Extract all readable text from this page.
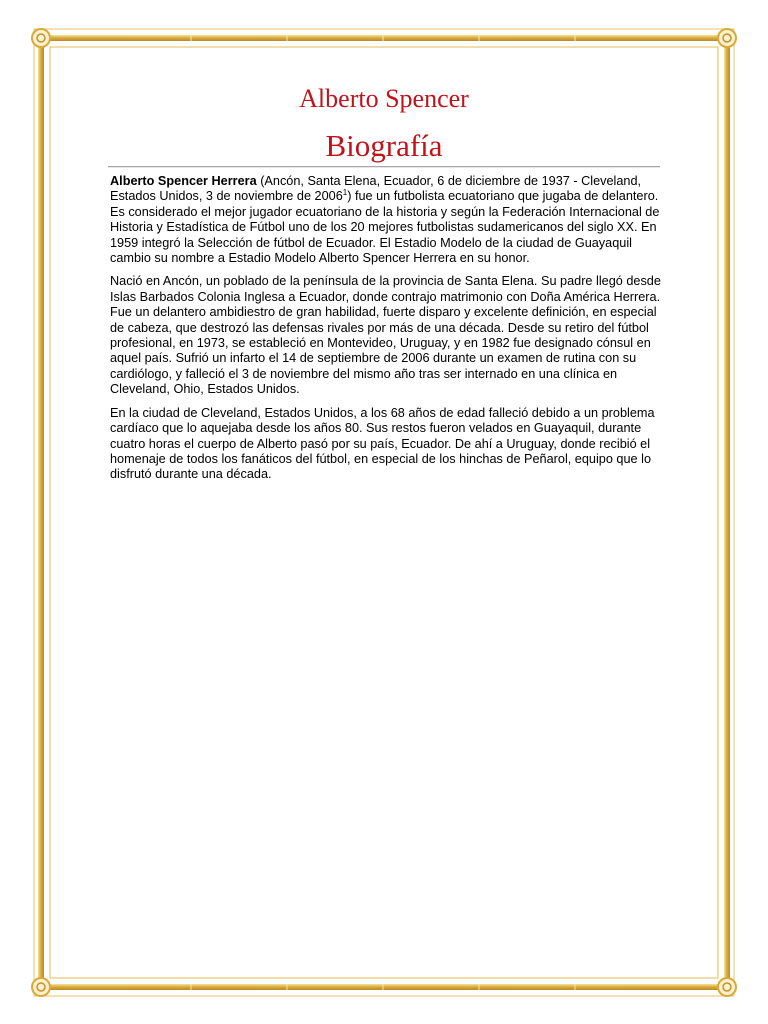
Alberto Spencer
Biografía

Alberto Spencer Herrera (Ancón, Santa Elena, Ecuador, 6 de diciembre de 1937 - Cleveland, Estados Unidos, 3 de noviembre de 2006$^1$) fue un futbolista ecuatoriano que jugaba de delantero. Es considerado el mejor jugador ecuatoriano de la historia y según la Federación Internacional de Historia y Estadística de Fútbol uno de los 20 mejores futbolistas sudamericanos del siglo XX. En 1959 integró la Selección de fútbol de Ecuador. El Estadio Modelo de la ciudad de Guayaquil cambio su nombre a Estadio Modelo Alberto Spencer Herrera en su honor.

Nació en Ancón, un poblado de la península de la provincia de Santa Elena. Su padre llegó desde Islas Barbados Colonia Inglesa a Ecuador, donde contrajo matrimonio con Doña América Herrera. Fue un delantero ambidiestro de gran habilidad, fuerte disparo y excelente definición, en especial de cabeza, que destrozó las defensas rivales por más de una década. Desde su retiro del fútbol profesional, en 1973, se estableció en Montevideo, Uruguay, y en 1982 fue designado cónsul en aquel país. Sufrió un infarto el 14 de septiembre de 2006 durante un examen de rutina con su cardiólogo, y falleció el 3 de noviembre del mismo año tras ser internado en una clínica en Cleveland, Ohio, Estados Unidos.

En la ciudad de Cleveland, Estados Unidos, a los 68 años de edad falleció debido a un problema cardíaco que lo aquejaba desde los años 80. Sus restos fueron velados en Guayaquil, durante cuatro horas el cuerpo de Alberto pasó por su país, Ecuador. De ahí a Uruguay, donde recibió el homenaje de todos los fanáticos del fútbol, en especial de los hinchas de Peñarol, equipo que lo disfrutó durante una década.
